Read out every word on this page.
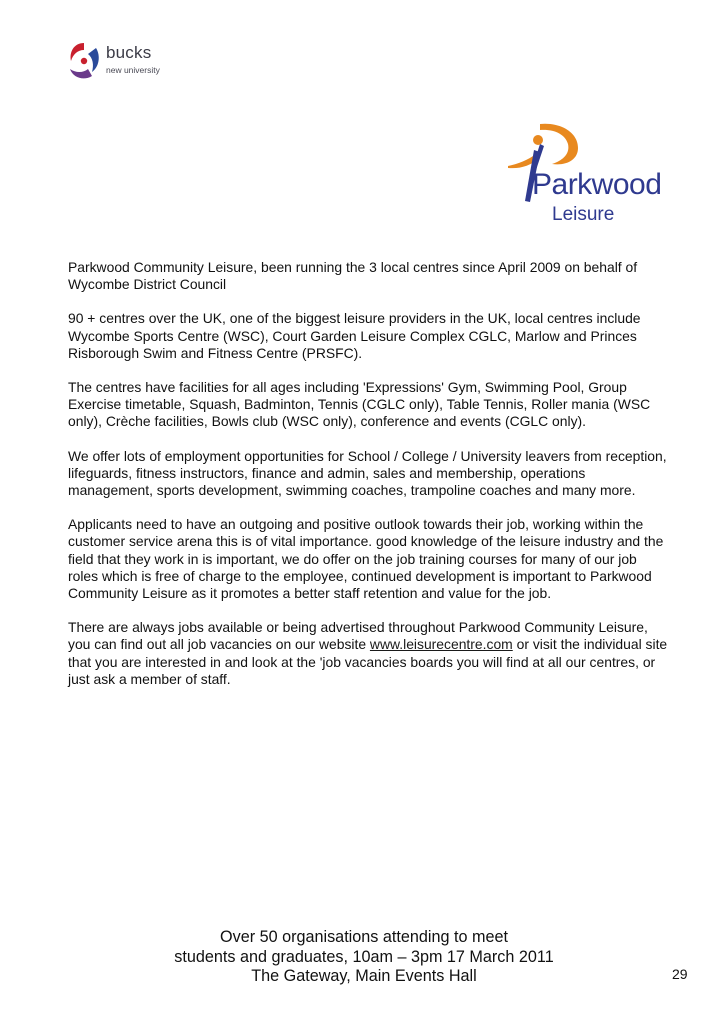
bucks
new university
Parkwood
Leisure

Parkwood Community Leisure, been running the 3 local centres since April 2009 on behalf of Wycombe District Council

90 + centres over the UK, one of the biggest leisure providers in the UK, local centres include Wycombe Sports Centre (WSC), Court Garden Leisure Complex CGLC, Marlow and Princes Risborough Swim and Fitness Centre (PRSFC).

The centres have facilities for all ages including 'Expressions' Gym, Swimming Pool, Group Exercise timetable, Squash, Badminton, Tennis (CGLC only), Table Tennis, Roller mania (WSC only), Crèche facilities, Bowls club (WSC only), conference and events (CGLC only).

We offer lots of employment opportunities for School / College / University leavers from reception, lifeguards, fitness instructors, finance and admin, sales and membership, operations management, sports development, swimming coaches, trampoline coaches and many more.

Applicants need to have an outgoing and positive outlook towards their job, working within the customer service arena this is of vital importance. good knowledge of the leisure industry and the field that they work in is important, we do offer on the job training courses for many of our job roles which is free of charge to the employee, continued development is important to Parkwood Community Leisure as it promotes a better staff retention and value for the job.

There are always jobs available or being advertised throughout Parkwood Community Leisure, you can find out all job vacancies on our website www.leisurecentre.com or visit the individual site that you are interested in and look at the 'job vacancies boards you will find at all our centres, or just ask a member of staff.

Over 50 organisations attending to meet
students and graduates, 10am – 3pm 17 March 2011
The Gateway, Main Events Hall	29
